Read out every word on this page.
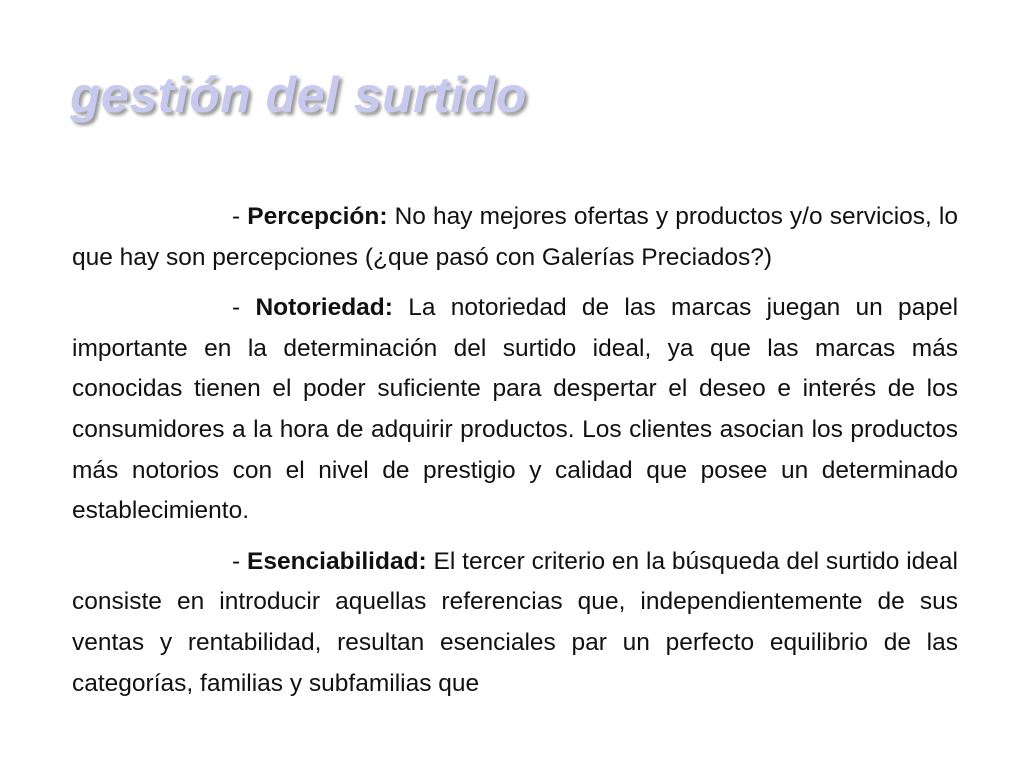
gestión del surtido

- Percepción: No hay mejores ofertas y productos y/o servicios, lo que hay son percepciones (¿que pasó con Galerías Preciados?)

- Notoriedad: La notoriedad de las marcas juegan un papel importante en la determinación del surtido ideal, ya que las marcas más conocidas tienen el poder suficiente para despertar el deseo e interés de los consumidores a la hora de adquirir productos. Los clientes asocian los productos más notorios con el nivel de prestigio y calidad que posee un determinado establecimiento.

- Esenciabilidad: El tercer criterio en la búsqueda del surtido ideal consiste en introducir aquellas referencias que, independientemente de sus ventas y rentabilidad, resultan esenciales par un perfecto equilibrio de las categorías, familias y subfamilias que
